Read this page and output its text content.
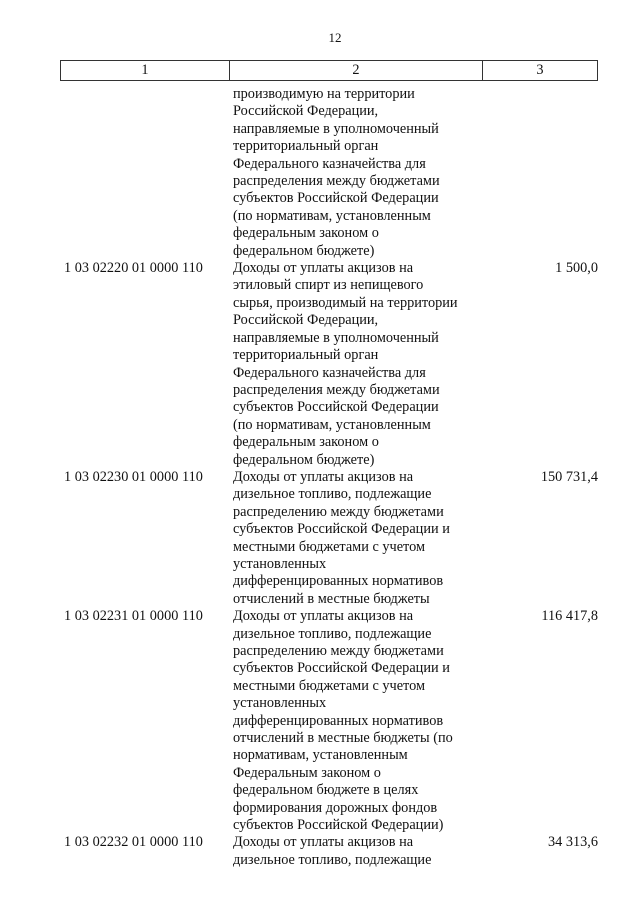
12
1	2	3
производимую на территории
Российской Федерации,
направляемые в уполномоченный
территориальный орган
Федерального казначейства для
распределения между бюджетами
субъектов Российской Федерации
(по нормативам, установленным
федеральным законом о
федеральном бюджете)
1 03 02220 01 0000 110	Доходы от уплаты акцизов на
этиловый спирт из непищевого
сырья, производимый на территории
Российской Федерации,
направляемые в уполномоченный
территориальный орган
Федерального казначейства для
распределения между бюджетами
субъектов Российской Федерации
(по нормативам, установленным
федеральным законом о
федеральном бюджете)
1 500,0
1 03 02230 01 0000 110	Доходы от уплаты акцизов на
дизельное топливо, подлежащие
распределению между бюджетами
субъектов Российской Федерации и
местными бюджетами с учетом
установленных
дифференцированных нормативов
отчислений в местные бюджеты
150 731,4
1 03 02231 01 0000 110	Доходы от уплаты акцизов на
дизельное топливо, подлежащие
распределению между бюджетами
субъектов Российской Федерации и
местными бюджетами с учетом
установленных
дифференцированных нормативов
отчислений в местные бюджеты (по
нормативам, установленным
Федеральным законом о
федеральном бюджете в целях
формирования дорожных фондов
субъектов Российской Федерации)
116 417,8
1 03 02232 01 0000 110	Доходы от уплаты акцизов на
дизельное топливо, подлежащие
34 313,6
